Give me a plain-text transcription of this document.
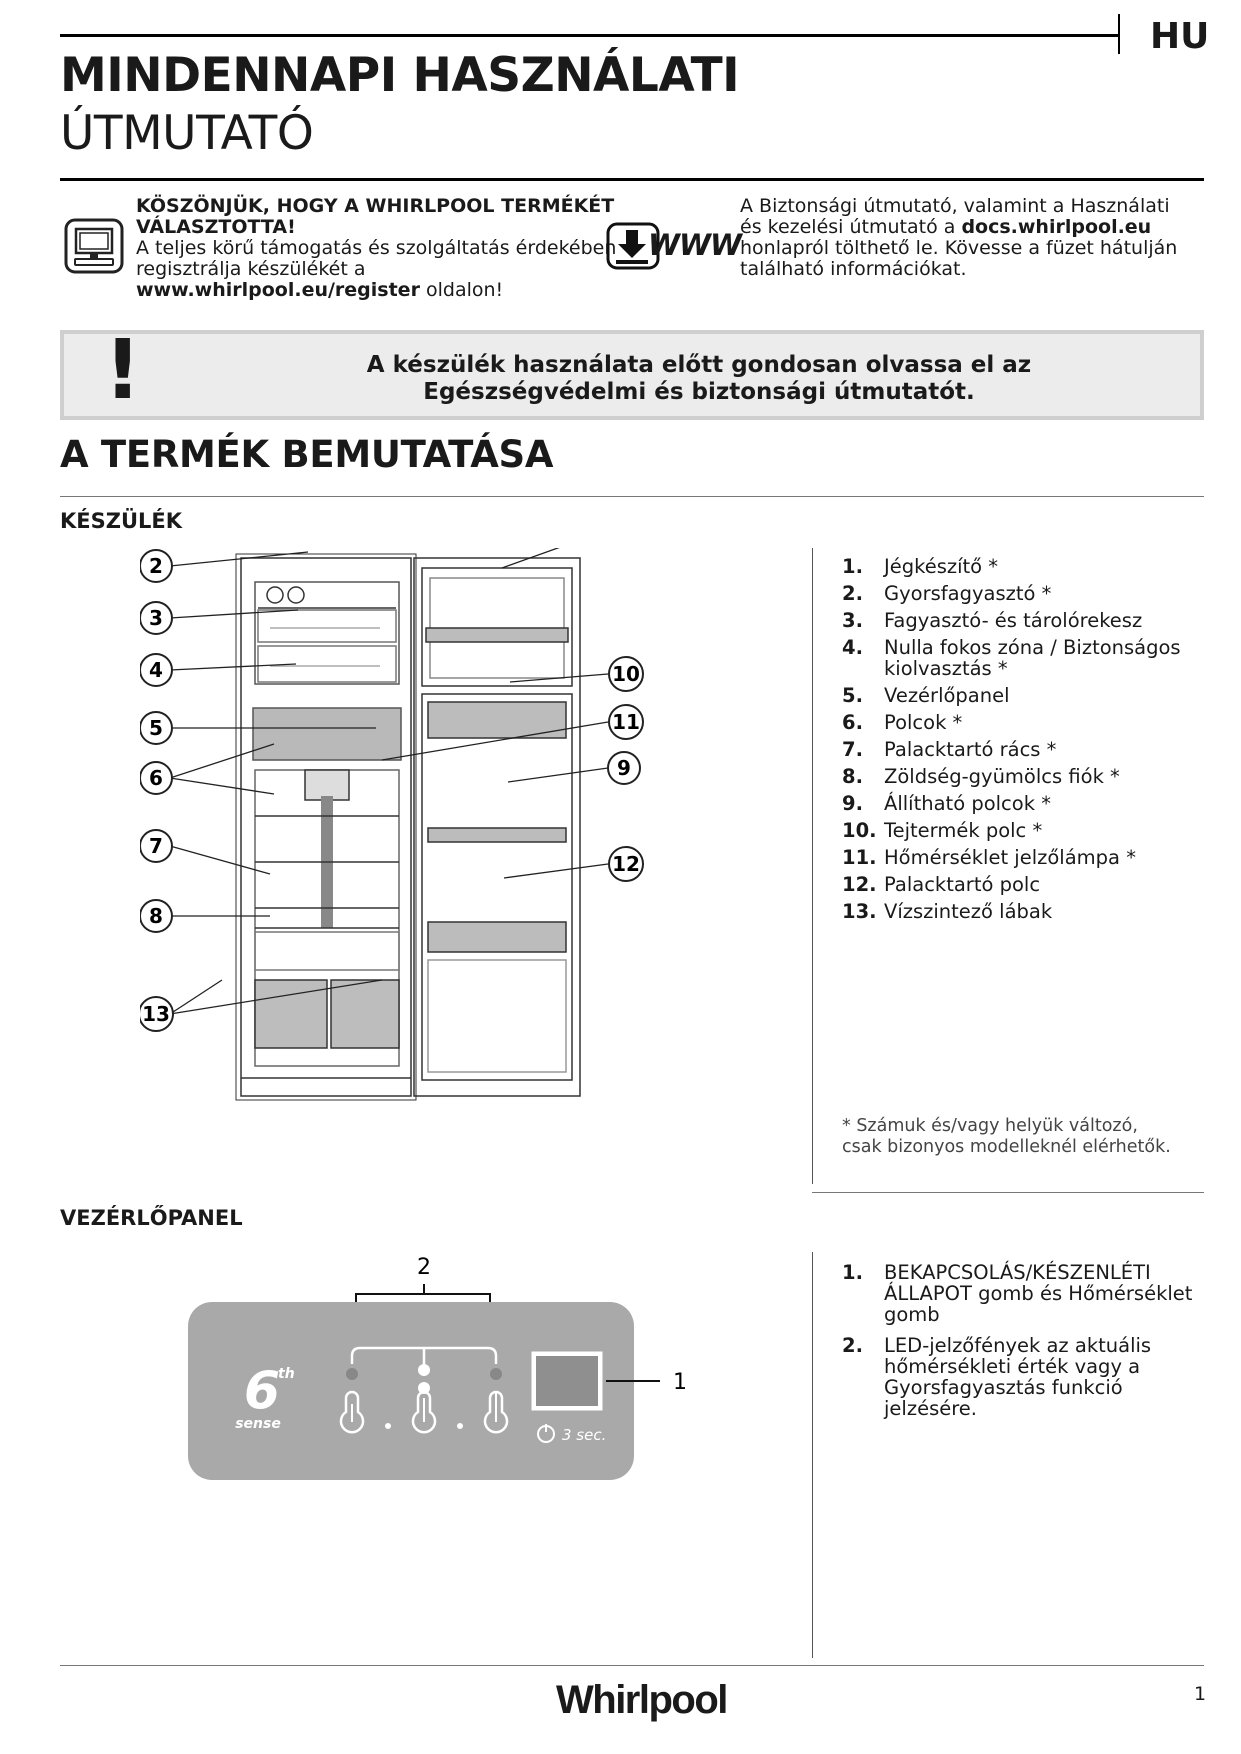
HU
MINDENNAPI HASZNÁLATI
ÚTMUTATÓ
KÖSZÖNJÜK, HOGY A WHIRLPOOL TERMÉKÉT VÁLASZTOTTA!
A teljes körű támogatás és szolgáltatás érdekében regisztrálja készülékét a www.whirlpool.eu/register oldalon!
WWW
A Biztonsági útmutató, valamint a Használati és kezelési útmutató a docs.whirlpool.eu honlapról tölthető le. Kövesse a füzet hátulján található információkat.
!	A készülék használata előtt gondosan olvassa el az Egészségvédelmi és biztonsági útmutatót.
A TERMÉK BEMUTATÁSA
KÉSZÜLÉK
2
3
4
5
6
7
8
10
11
9
12
13
1. Jégkészítő *
2. Gyorsfagyasztó *
3. Fagyasztó- és tárolórekesz
4. Nulla fokos zóna / Biztonságos kiolvasztás *
5. Vezérlőpanel
6. Polcok *
7. Palacktartó rács *
8. Zöldség-gyümölcs fiók *
9. Állítható polcok *
10. Tejtermék polc *
11. Hőmérséklet jelzőlámpa *
12. Palacktartó polc
13. Vízszintező lábak
* Számuk és/vagy helyük változó, csak bizonyos modelleknél elérhetők.
VEZÉRLŐPANEL
2
6
th
sense
3 sec.
1
1. BEKAPCSOLÁS/KÉSZENLÉTI ÁLLAPOT gomb és Hőmérséklet gomb
2. LED-jelzőfények az aktuális hőmérsékleti érték vagy a Gyorsfagyasztás funkció jelzésére.
Whirlpool	1
